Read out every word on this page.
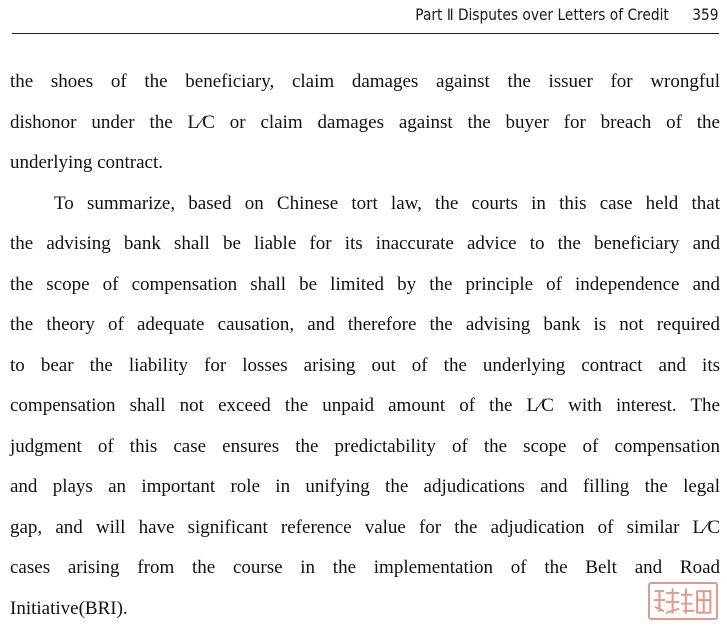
Part Ⅱ Disputes over Letters of Credit 359
the shoes of the beneficiary, claim damages against the issuer for wrongful
dishonor under the L∕C or claim damages against the buyer for breach of the
underlying contract.
To summarize, based on Chinese tort law, the courts in this case held that
the advising bank shall be liable for its inaccurate advice to the beneficiary and
the scope of compensation shall be limited by the principle of independence and
the theory of adequate causation, and therefore the advising bank is not required
to bear the liability for losses arising out of the underlying contract and its
compensation shall not exceed the unpaid amount of the L∕C with interest. The
judgment of this case ensures the predictability of the scope of compensation
and plays an important role in unifying the adjudications and filling the legal
gap, and will have significant reference value for the adjudication of similar L∕C
cases arising from the course in the implementation of the Belt and Road
Initiative(BRI).
